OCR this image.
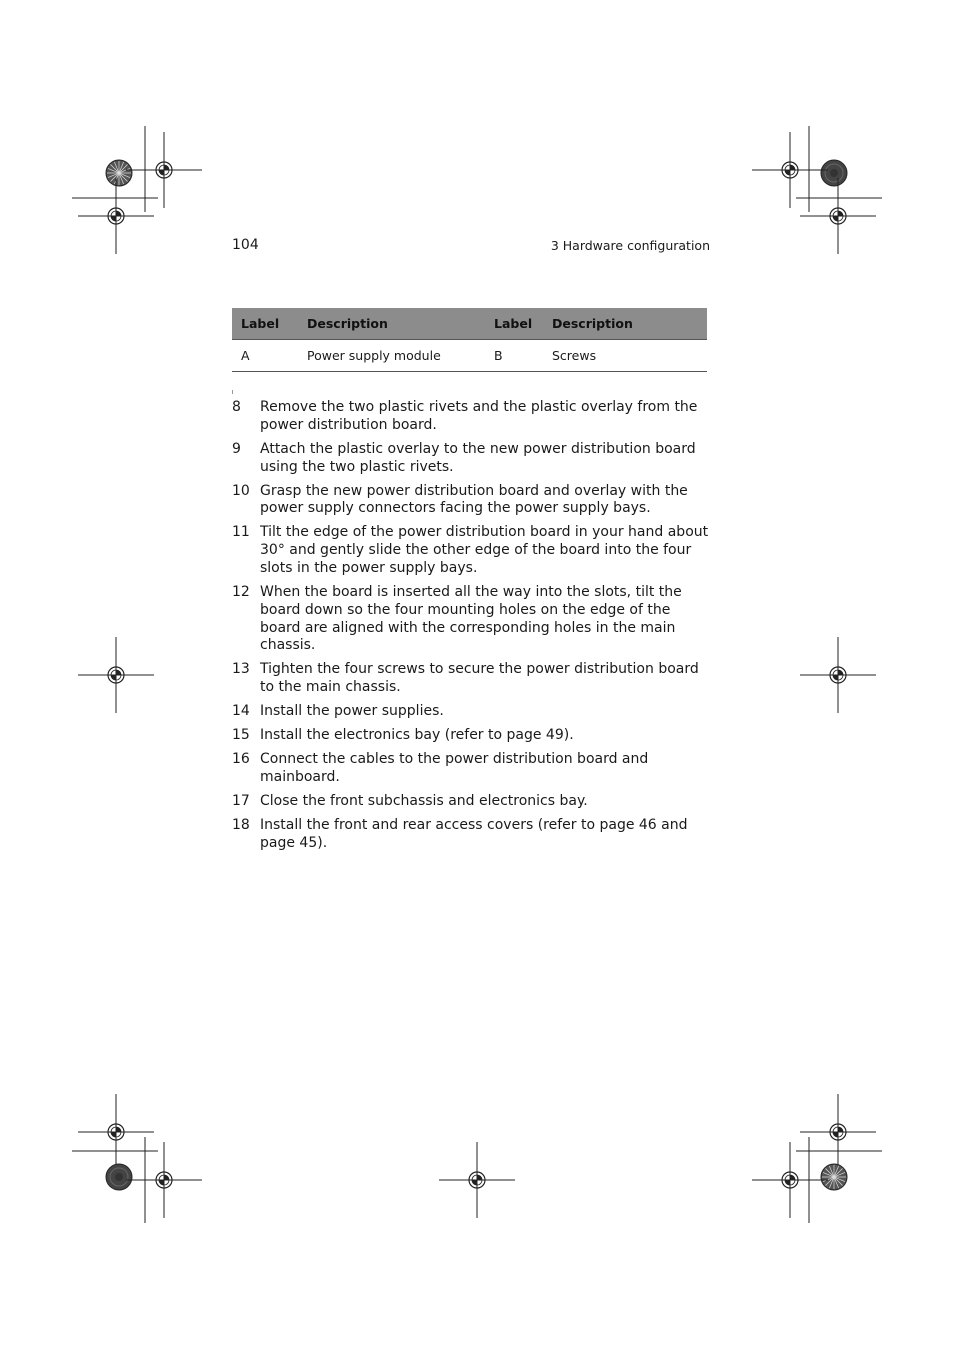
104	3 Hardware configuration
Label	Description	Label	Description
A	Power supply module	B	Screws
8	Remove the two plastic rivets and the plastic overlay from the power distribution board.
9	Attach the plastic overlay to the new power distribution board using the two plastic rivets.
10 Grasp the new power distribution board and overlay with the power supply connectors facing the power supply bays.
11 Tilt the edge of the power distribution board in your hand about 30° and gently slide the other edge of the board into the four slots in the power supply bays.
12 When the board is inserted all the way into the slots, tilt the board down so the four mounting holes on the edge of the board are aligned with the corresponding holes in the main chassis.
13 Tighten the four screws to secure the power distribution board to the main chassis.
14 Install the power supplies.
15 Install the electronics bay (refer to page 49).
16 Connect the cables to the power distribution board and mainboard.
17 Close the front subchassis and electronics bay.
18 Install the front and rear access covers (refer to page 46 and page 45).
